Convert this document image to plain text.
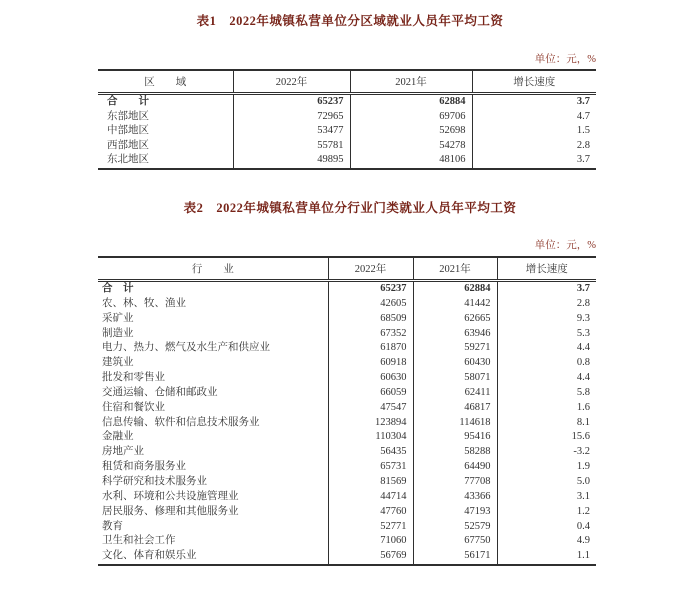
表1　2022年城镇私营单位分区域就业人员年平均工资
单位：元，%
区　　域	2022年	2021年	增长速度
合　　计	65237	62884	3.7
东部地区	72965	69706	4.7
中部地区	53477	52698	1.5
西部地区	55781	54278	2.8
东北地区	49895	48106	3.7
表2　2022年城镇私营单位分行业门类就业人员年平均工资
单位：元，%
行　　业	2022年	2021年	增长速度
合　计	65237	62884	3.7
农、林、牧、渔业	42605	41442	2.8
采矿业	68509	62665	9.3
制造业	67352	63946	5.3
电力、热力、燃气及水生产和供应业	61870	59271	4.4
建筑业	60918	60430	0.8
批发和零售业	60630	58071	4.4
交通运输、仓储和邮政业	66059	62411	5.8
住宿和餐饮业	47547	46817	1.6
信息传输、软件和信息技术服务业	123894	114618	8.1
金融业	110304	95416	15.6
房地产业	56435	58288	-3.2
租赁和商务服务业	65731	64490	1.9
科学研究和技术服务业	81569	77708	5.0
水利、环境和公共设施管理业	44714	43366	3.1
居民服务、修理和其他服务业	47760	47193	1.2
教育	52771	52579	0.4
卫生和社会工作	71060	67750	4.9
文化、体育和娱乐业	56769	56171	1.1
